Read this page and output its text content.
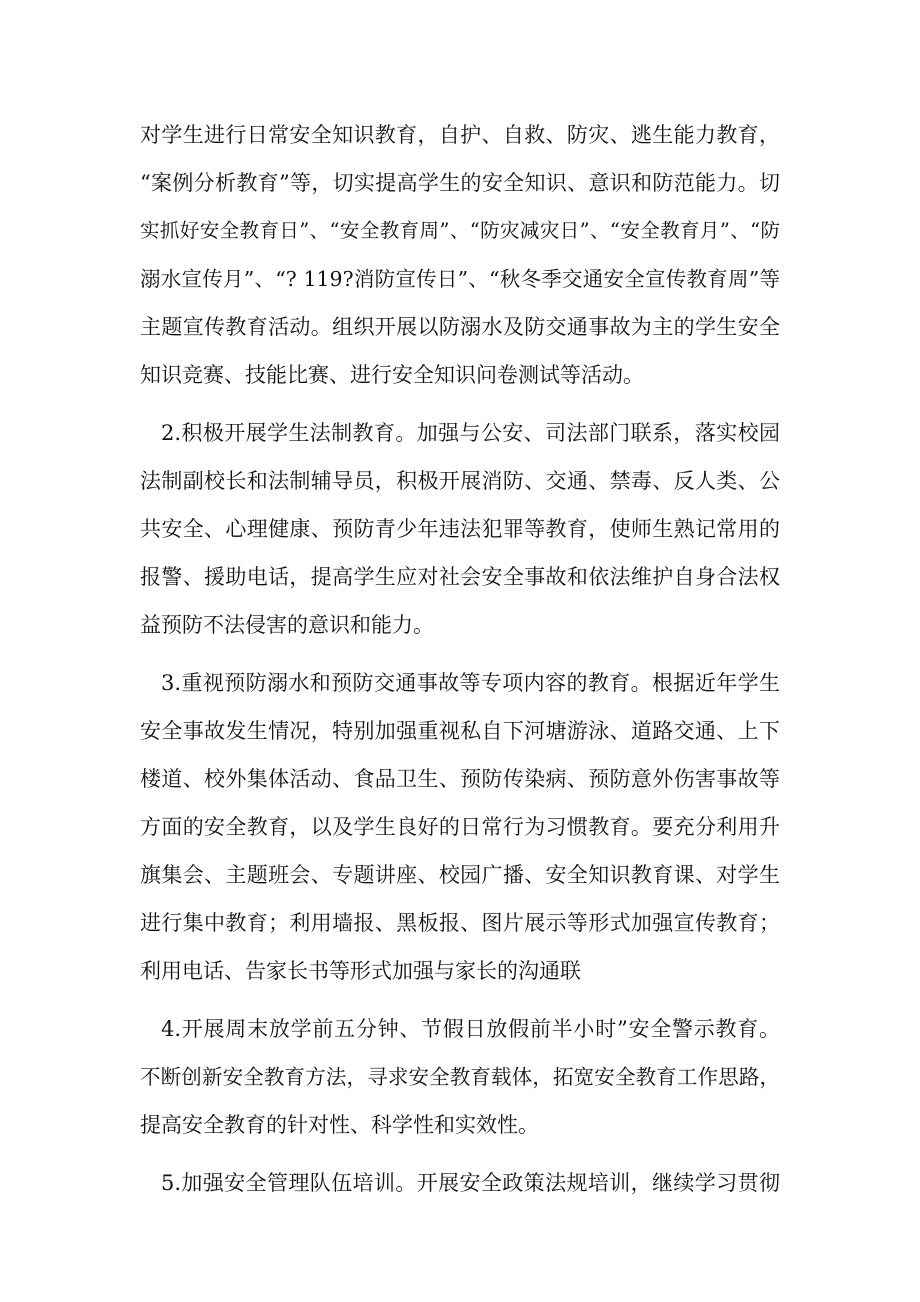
对学生进行日常安全知识教育，自护、自救、防灾、逃生能力教育，
“案例分析教育”等，切实提高学生的安全知识、意识和防范能力。切
实抓好安全教育日”、“安全教育周”、“防灾减灾日”、“安全教育月”、“防
溺水宣传月”、“? 119?消防宣传日”、“秋冬季交通安全宣传教育周”等
主题宣传教育活动。组织开展以防溺水及防交通事故为主的学生安全
知识竞赛、技能比赛、进行安全知识问卷测试等活动。
2.积极开展学生法制教育。加强与公安、司法部门联系，落实校园
法制副校长和法制辅导员，积极开展消防、交通、禁毒、反人类、公
共安全、心理健康、预防青少年违法犯罪等教育，使师生熟记常用的
报警、援助电话，提高学生应对社会安全事故和依法维护自身合法权
益预防不法侵害的意识和能力。
3.重视预防溺水和预防交通事故等专项内容的教育。根据近年学生
安全事故发生情况，特别加强重视私自下河塘游泳、道路交通、上下
楼道、校外集体活动、食品卫生、预防传染病、预防意外伤害事故等
方面的安全教育，以及学生良好的日常行为习惯教育。要充分利用升
旗集会、主题班会、专题讲座、校园广播、安全知识教育课、对学生
进行集中教育；利用墙报、黑板报、图片展示等形式加强宣传教育；
利用电话、告家长书等形式加强与家长的沟通联
4.开展周末放学前五分钟、节假日放假前半小时”安全警示教育。
不断创新安全教育方法，寻求安全教育载体，拓宽安全教育工作思路，
提高安全教育的针对性、科学性和实效性。
5.加强安全管理队伍培训。开展安全政策法规培训，继续学习贯彻
